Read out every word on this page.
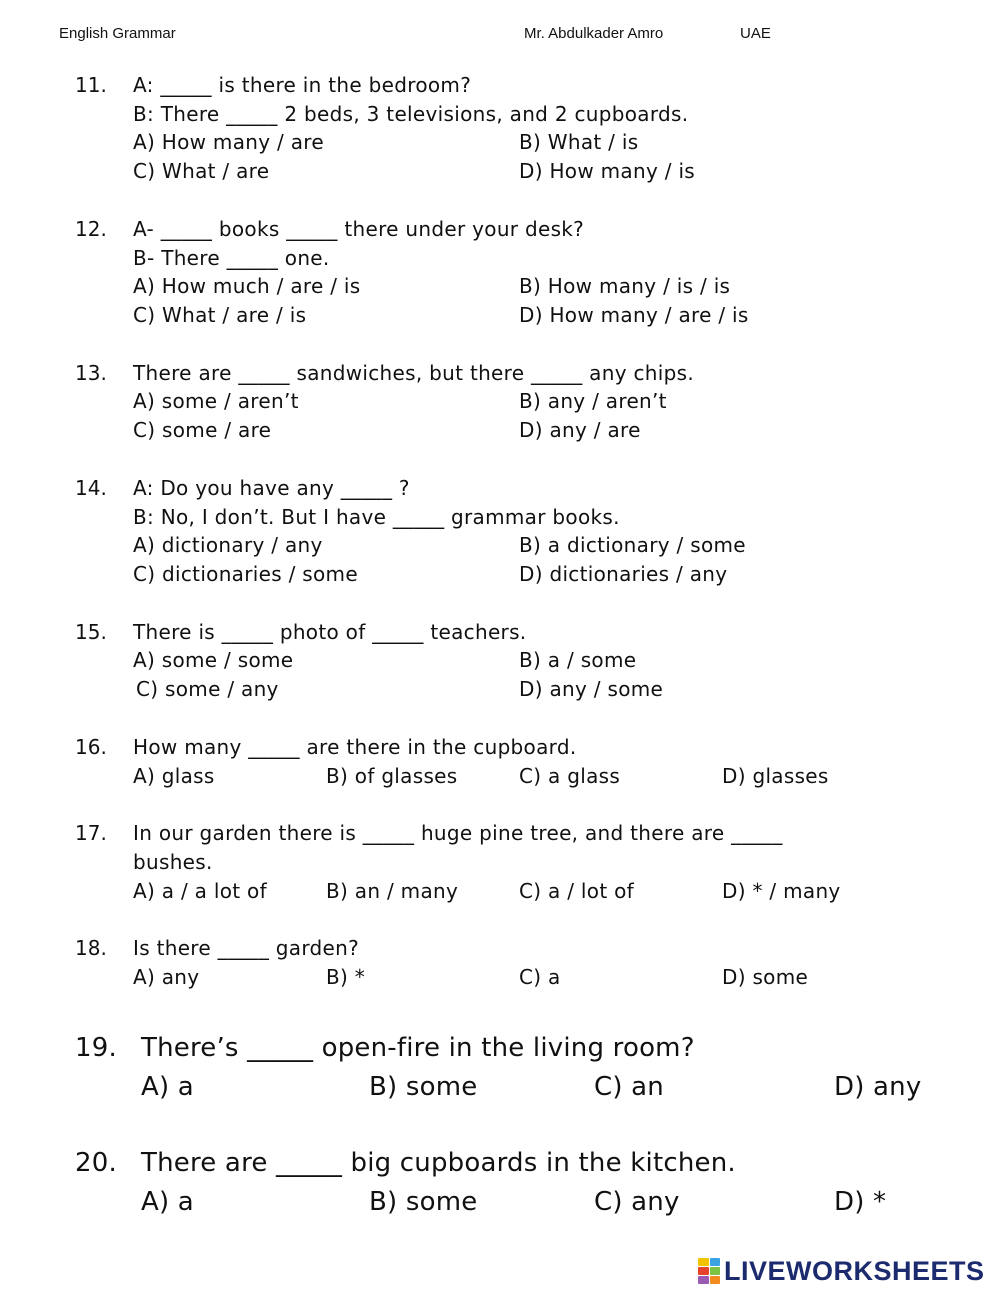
English Grammar	Mr. Abdulkader Amro	UAE
11. A: _____ is there in the bedroom?
B: There _____ 2 beds, 3 televisions, and 2 cupboards.
A) How many / are	B) What / is
C) What / are	D) How many / is
12. A- _____ books _____ there under your desk?
B- There _____ one.
A) How much / are / is	B) How many / is / is
C) What / are / is	D) How many / are / is
13. There are _____ sandwiches, but there _____ any chips.
A) some / aren’t	B) any / aren’t
C) some / are	D) any / are
14. A: Do you have any _____ ?
B: No, I don’t. But I have _____ grammar books.
A) dictionary / any	B) a dictionary / some
C) dictionaries / some	D) dictionaries / any
15. There is _____ photo of _____ teachers.
A) some / some	B) a / some
C) some / any	D) any / some
16. How many _____ are there in the cupboard.
A) glass	B) of glasses	C) a glass	D) glasses
17. In our garden there is _____ huge pine tree, and there are _____
bushes.
A) a / a lot of	B) an / many	C) a / lot of	D) * / many
18. Is there _____ garden?
A) any	B) *	C) a	D) some
19. There’s _____ open-fire in the living room?
A) a	B) some	C) an	D) any
20. There are _____ big cupboards in the kitchen.
A) a	B) some	C) any	D) *
LIVEWORKSHEETS
